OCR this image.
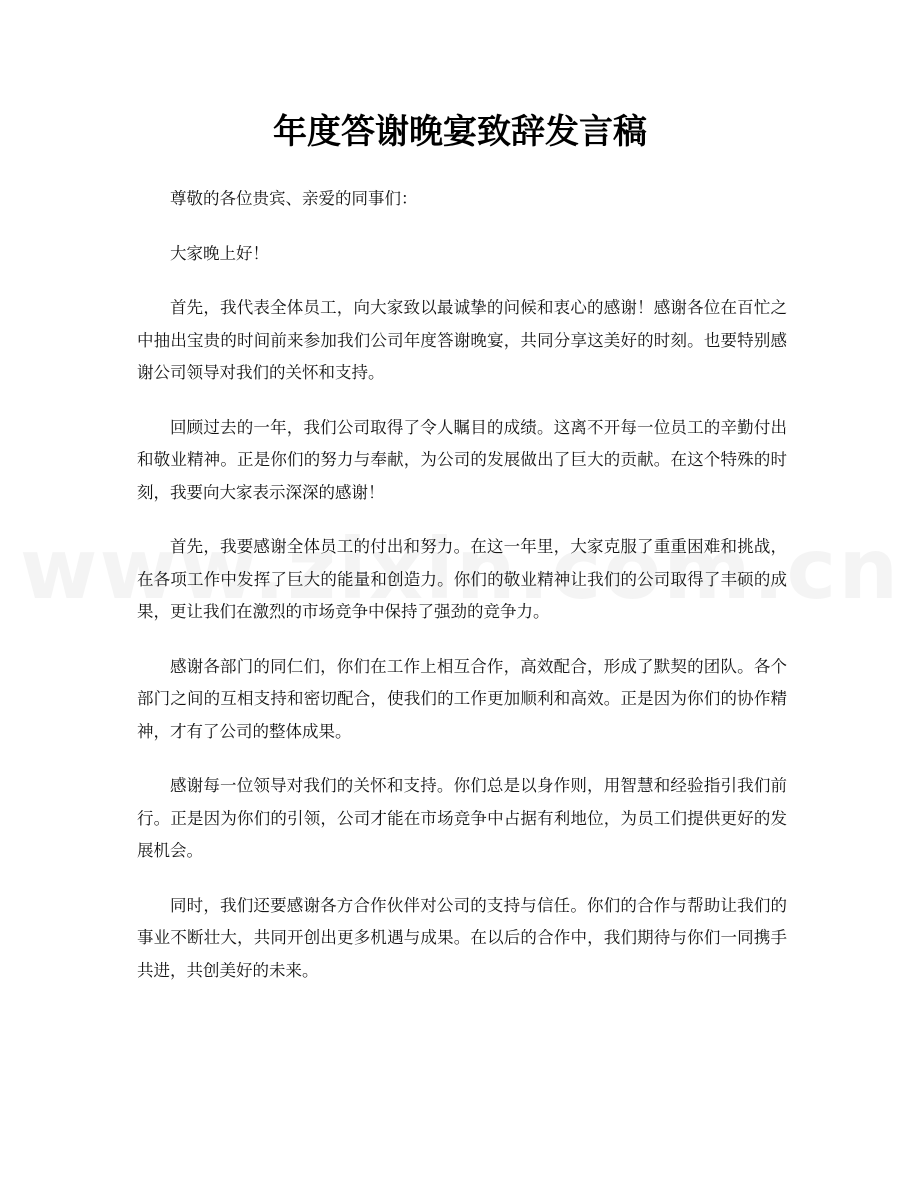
年度答谢晚宴致辞发言稿

尊敬的各位贵宾、亲爱的同事们：

大家晚上好！

首先，我代表全体员工，向大家致以最诚挚的问候和衷心的感谢！感谢各位在百忙之中抽出宝贵的时间前来参加我们公司年度答谢晚宴，共同分享这美好的时刻。也要特别感谢公司领导对我们的关怀和支持。

回顾过去的一年，我们公司取得了令人瞩目的成绩。这离不开每一位员工的辛勤付出和敬业精神。正是你们的努力与奉献，为公司的发展做出了巨大的贡献。在这个特殊的时刻，我要向大家表示深深的感谢！

首先，我要感谢全体员工的付出和努力。在这一年里，大家克服了重重困难和挑战，在各项工作中发挥了巨大的能量和创造力。你们的敬业精神让我们的公司取得了丰硕的成果，更让我们在激烈的市场竞争中保持了强劲的竞争力。

感谢各部门的同仁们，你们在工作上相互合作，高效配合，形成了默契的团队。各个部门之间的互相支持和密切配合，使我们的工作更加顺利和高效。正是因为你们的协作精神，才有了公司的整体成果。

感谢每一位领导对我们的关怀和支持。你们总是以身作则，用智慧和经验指引我们前行。正是因为你们的引领，公司才能在市场竞争中占据有利地位，为员工们提供更好的发展机会。

同时，我们还要感谢各方合作伙伴对公司的支持与信任。你们的合作与帮助让我们的事业不断壮大，共同开创出更多机遇与成果。在以后的合作中，我们期待与你们一同携手共进，共创美好的未来。
